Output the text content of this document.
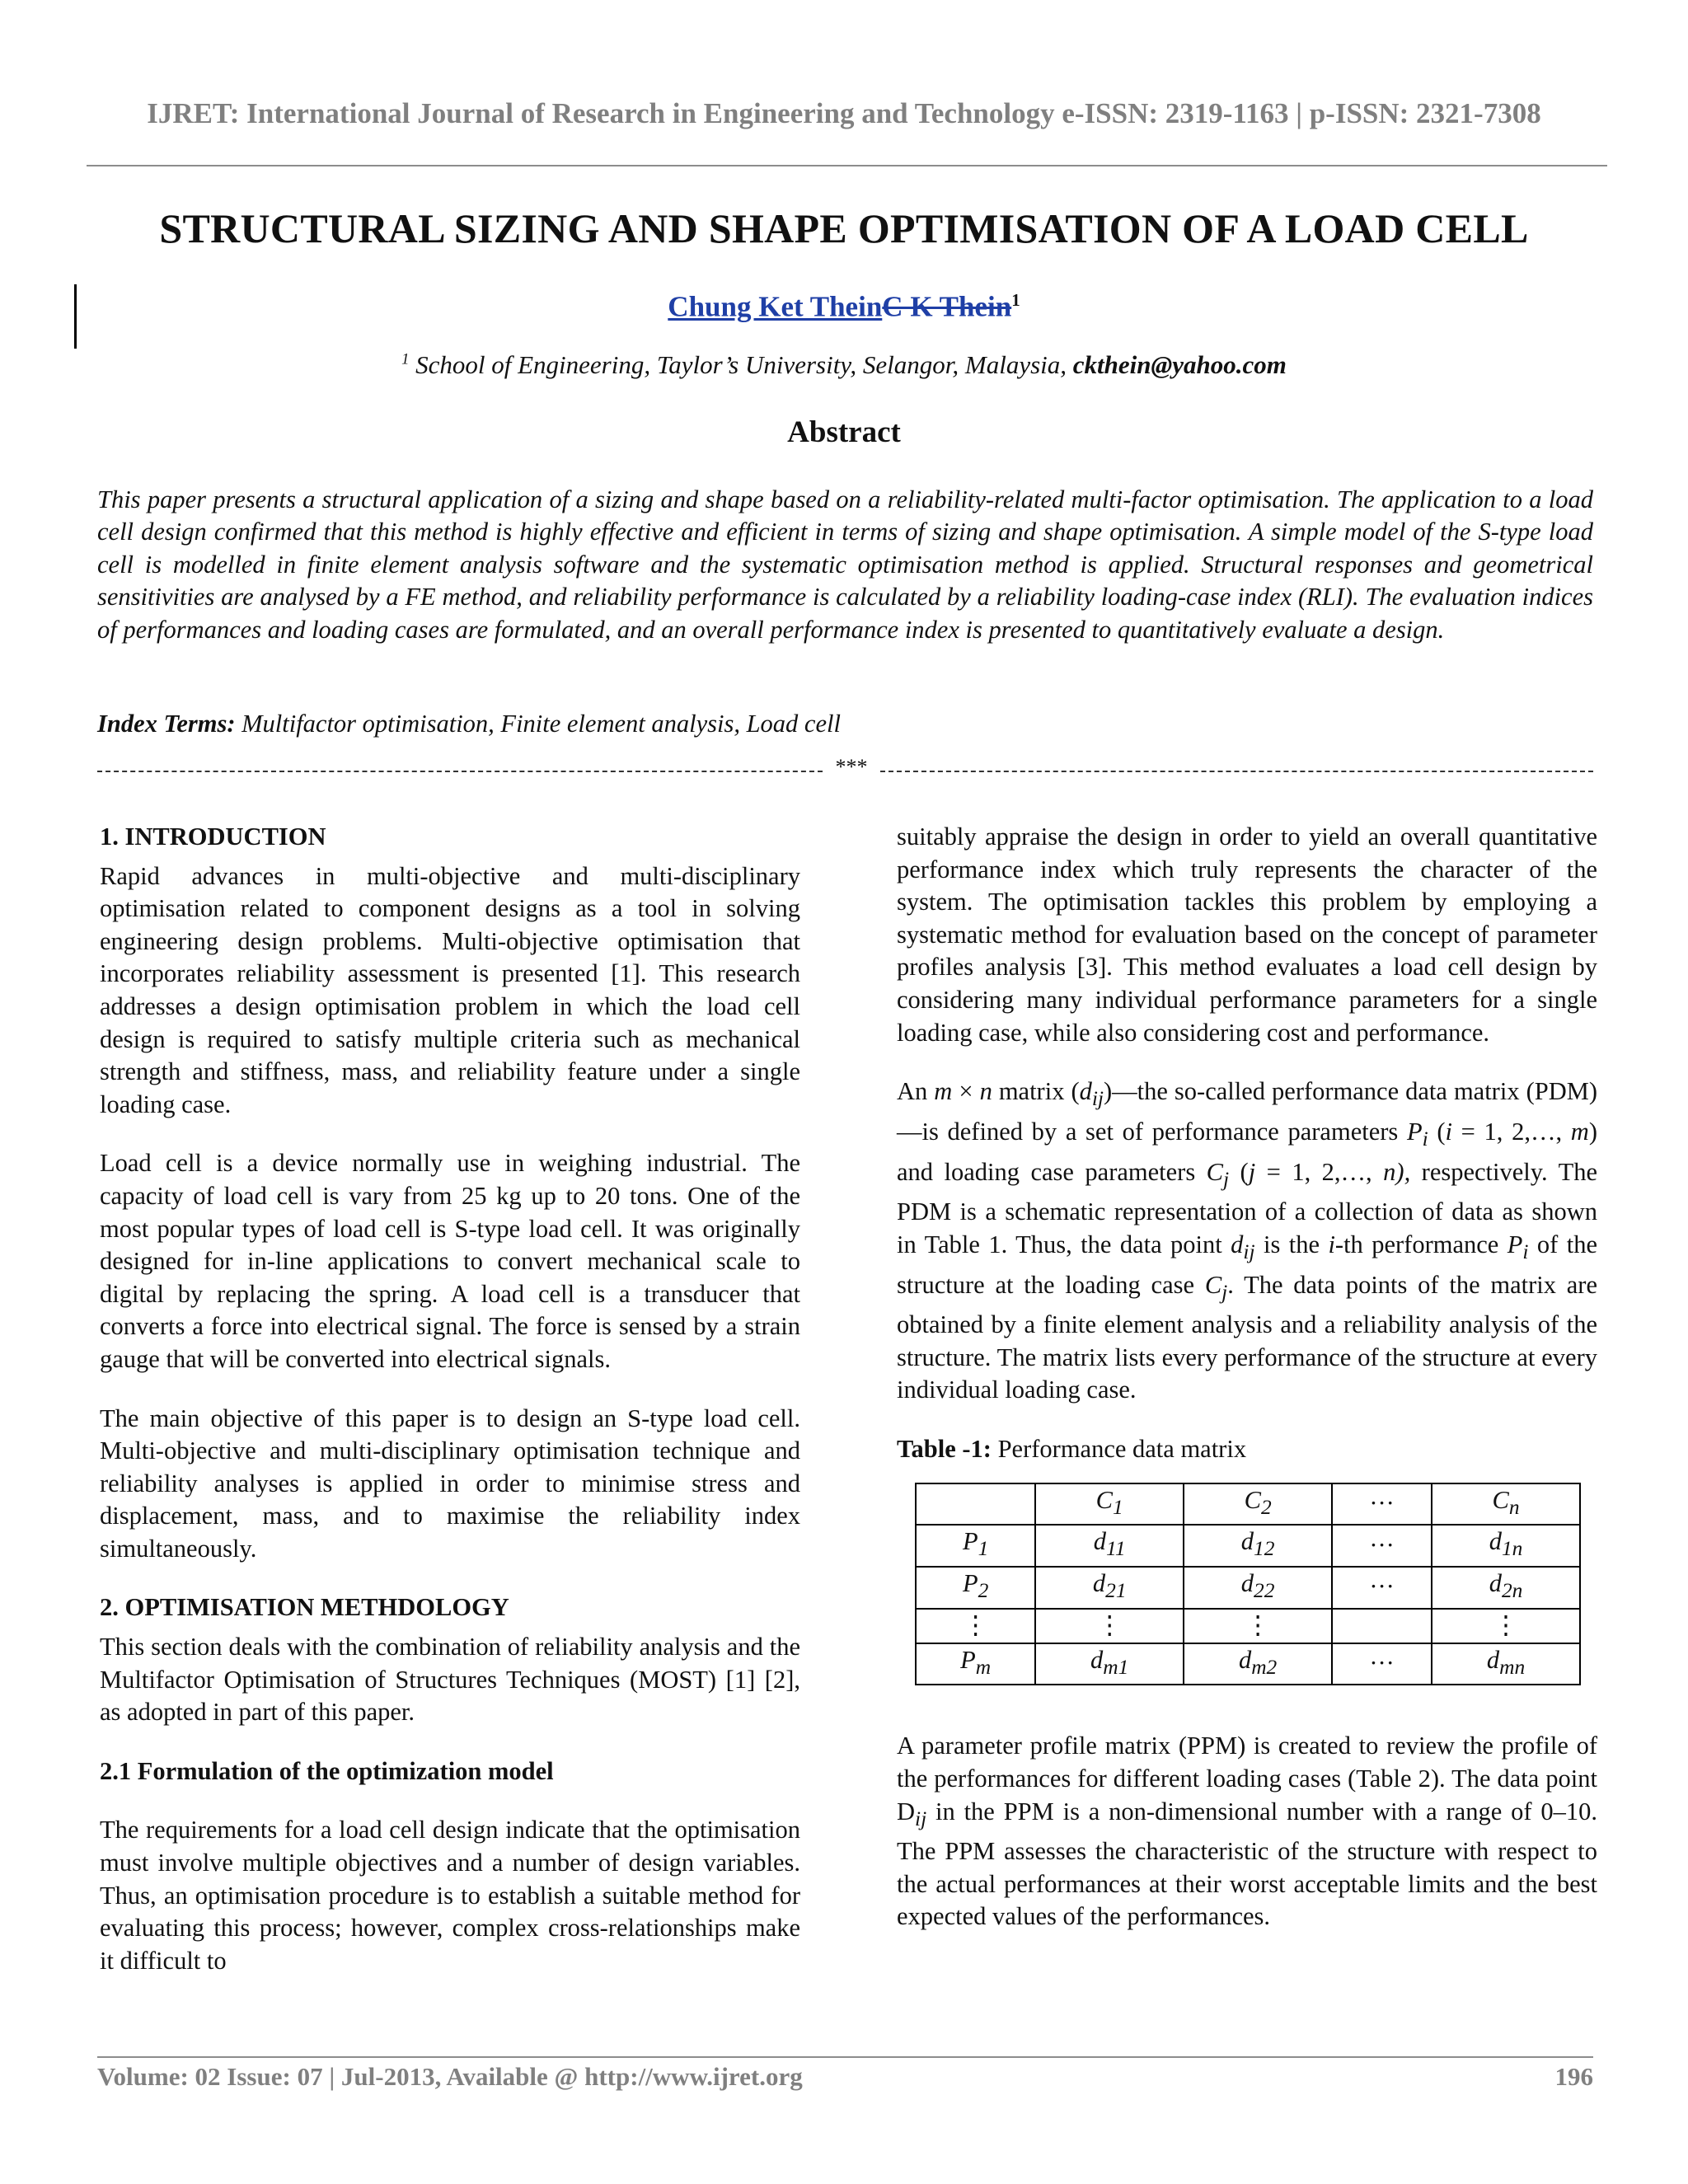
IJRET: International Journal of Research in Engineering and Technology e-ISSN: 2319-1163 | p-ISSN: 2321-7308
STRUCTURAL SIZING AND SHAPE OPTIMISATION OF A LOAD CELL
Chung Ket TheinC K Thein$^1$
$^1$ School of Engineering, Taylor’s University, Selangor, Malaysia, ckthein@yahoo.com
Abstract

This paper presents a structural application of a sizing and shape based on a reliability-related multi-factor optimisation. The application to a load cell design confirmed that this method is highly effective and efficient in terms of sizing and shape optimisation. A simple model of the S-type load cell is modelled in finite element analysis software and the systematic optimisation method is applied. Structural responses and geometrical sensitivities are analysed by a FE method, and reliability performance is calculated by a reliability loading-case index (RLI). The evaluation indices of performances and loading cases are formulated, and an overall performance index is presented to quantitatively evaluate a design.

Index Terms: Multifactor optimisation, Finite element analysis, Load cell
***
1. INTRODUCTION

Rapid advances in multi-objective and multi-disciplinary optimisation related to component designs as a tool in solving engineering design problems. Multi-objective optimisation that incorporates reliability assessment is presented [1]. This research addresses a design optimisation problem in which the load cell design is required to satisfy multiple criteria such as mechanical strength and stiffness, mass, and reliability feature under a single loading case.

Load cell is a device normally use in weighing industrial. The capacity of load cell is vary from 25 kg up to 20 tons. One of the most popular types of load cell is S-type load cell. It was originally designed for in-line applications to convert mechanical scale to digital by replacing the spring. A load cell is a transducer that converts a force into electrical signal. The force is sensed by a strain gauge that will be converted into electrical signals.

The main objective of this paper is to design an S-type load cell. Multi-objective and multi-disciplinary optimisation technique and reliability analyses is applied in order to minimise stress and displacement, mass, and to maximise the reliability index simultaneously.

2. OPTIMISATION METHDOLOGY

This section deals with the combination of reliability analysis and the Multifactor Optimisation of Structures Techniques (MOST) [1] [2], as adopted in part of this paper.

2.1 Formulation of the optimization model

The requirements for a load cell design indicate that the optimisation must involve multiple objectives and a number of design variables. Thus, an optimisation procedure is to establish a suitable method for evaluating this process; however, complex cross-relationships make it difficult to

suitably appraise the design in order to yield an overall quantitative performance index which truly represents the character of the system. The optimisation tackles this problem by employing a systematic method for evaluation based on the concept of parameter profiles analysis [3]. This method evaluates a load cell design by considering many individual performance parameters for a single loading case, while also considering cost and performance.

An m × n matrix $(d_{ij})—the$ so-called performance data matrix (PDM)—is defined by a set of performance parameters $P_i$ (i = 1, 2,…, m) and loading case parameters $C_j$ (j = 1, 2,…, n), respectively. The PDM is a schematic representation of a collection of data as shown in Table 1. Thus, the data point $d_{ij}$ is the i-th performance $P_i$ of the structure at the loading case $C_j$. The data points of the matrix are obtained by a finite element analysis and a reliability analysis of the structure. The matrix lists every performance of the structure at every individual loading case.

Table -1: Performance data matrix

	$C_1$	$C_2$	···	$C_n$
$P_1$	$d_{11}$	$d_{12}$	···	$d_{1n}$
$P_2$	$d_{21}$	$d_{22}$	···	$d_{2n}$
⋮	⋮	⋮		⋮
$P_m$	$d_{m1}$	$d_{m2}$	···	$d_{mn}$

A parameter profile matrix (PPM) is created to review the profile of the performances for different loading cases (Table 2). The data point $D_{ij}$ in the PPM is a non-dimensional number with a range of 0–10. The PPM assesses the characteristic of the structure with respect to the actual performances at their worst acceptable limits and the best expected values of the performances.

Volume: 02 Issue: 07 | Jul-2013, Available @ http://www.ijret.org	196
